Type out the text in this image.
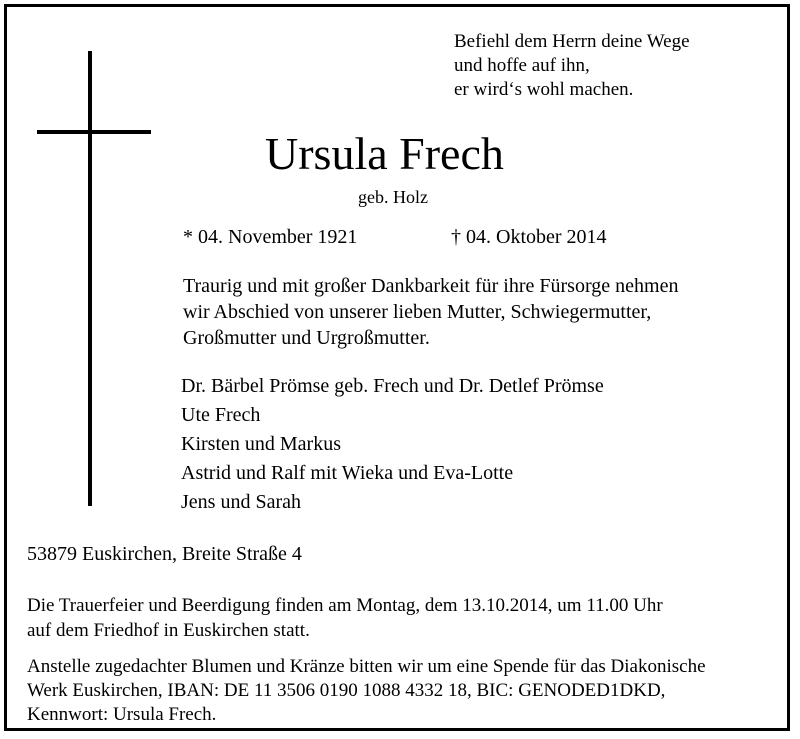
Befiehl dem Herrn deine Wege
und hoffe auf ihn,
er wird‘s wohl machen.
Ursula Frech
geb. Holz
* 04. November 1921	† 04. Oktober 2014
Traurig und mit großer Dankbarkeit für ihre Fürsorge nehmen
wir Abschied von unserer lieben Mutter, Schwiegermutter,
Großmutter und Urgroßmutter.
Dr. Bärbel Prömse geb. Frech und Dr. Detlef Prömse
Ute Frech
Kirsten und Markus
Astrid und Ralf mit Wieka und Eva-Lotte
Jens und Sarah
53879 Euskirchen, Breite Straße 4
Die Trauerfeier und Beerdigung finden am Montag, dem 13.10.2014, um 11.00 Uhr
auf dem Friedhof in Euskirchen statt.
Anstelle zugedachter Blumen und Kränze bitten wir um eine Spende für das Diakonische
Werk Euskirchen, IBAN: DE 11 3506 0190 1088 4332 18, BIC: GENODED1DKD,
Kennwort: Ursula Frech.
